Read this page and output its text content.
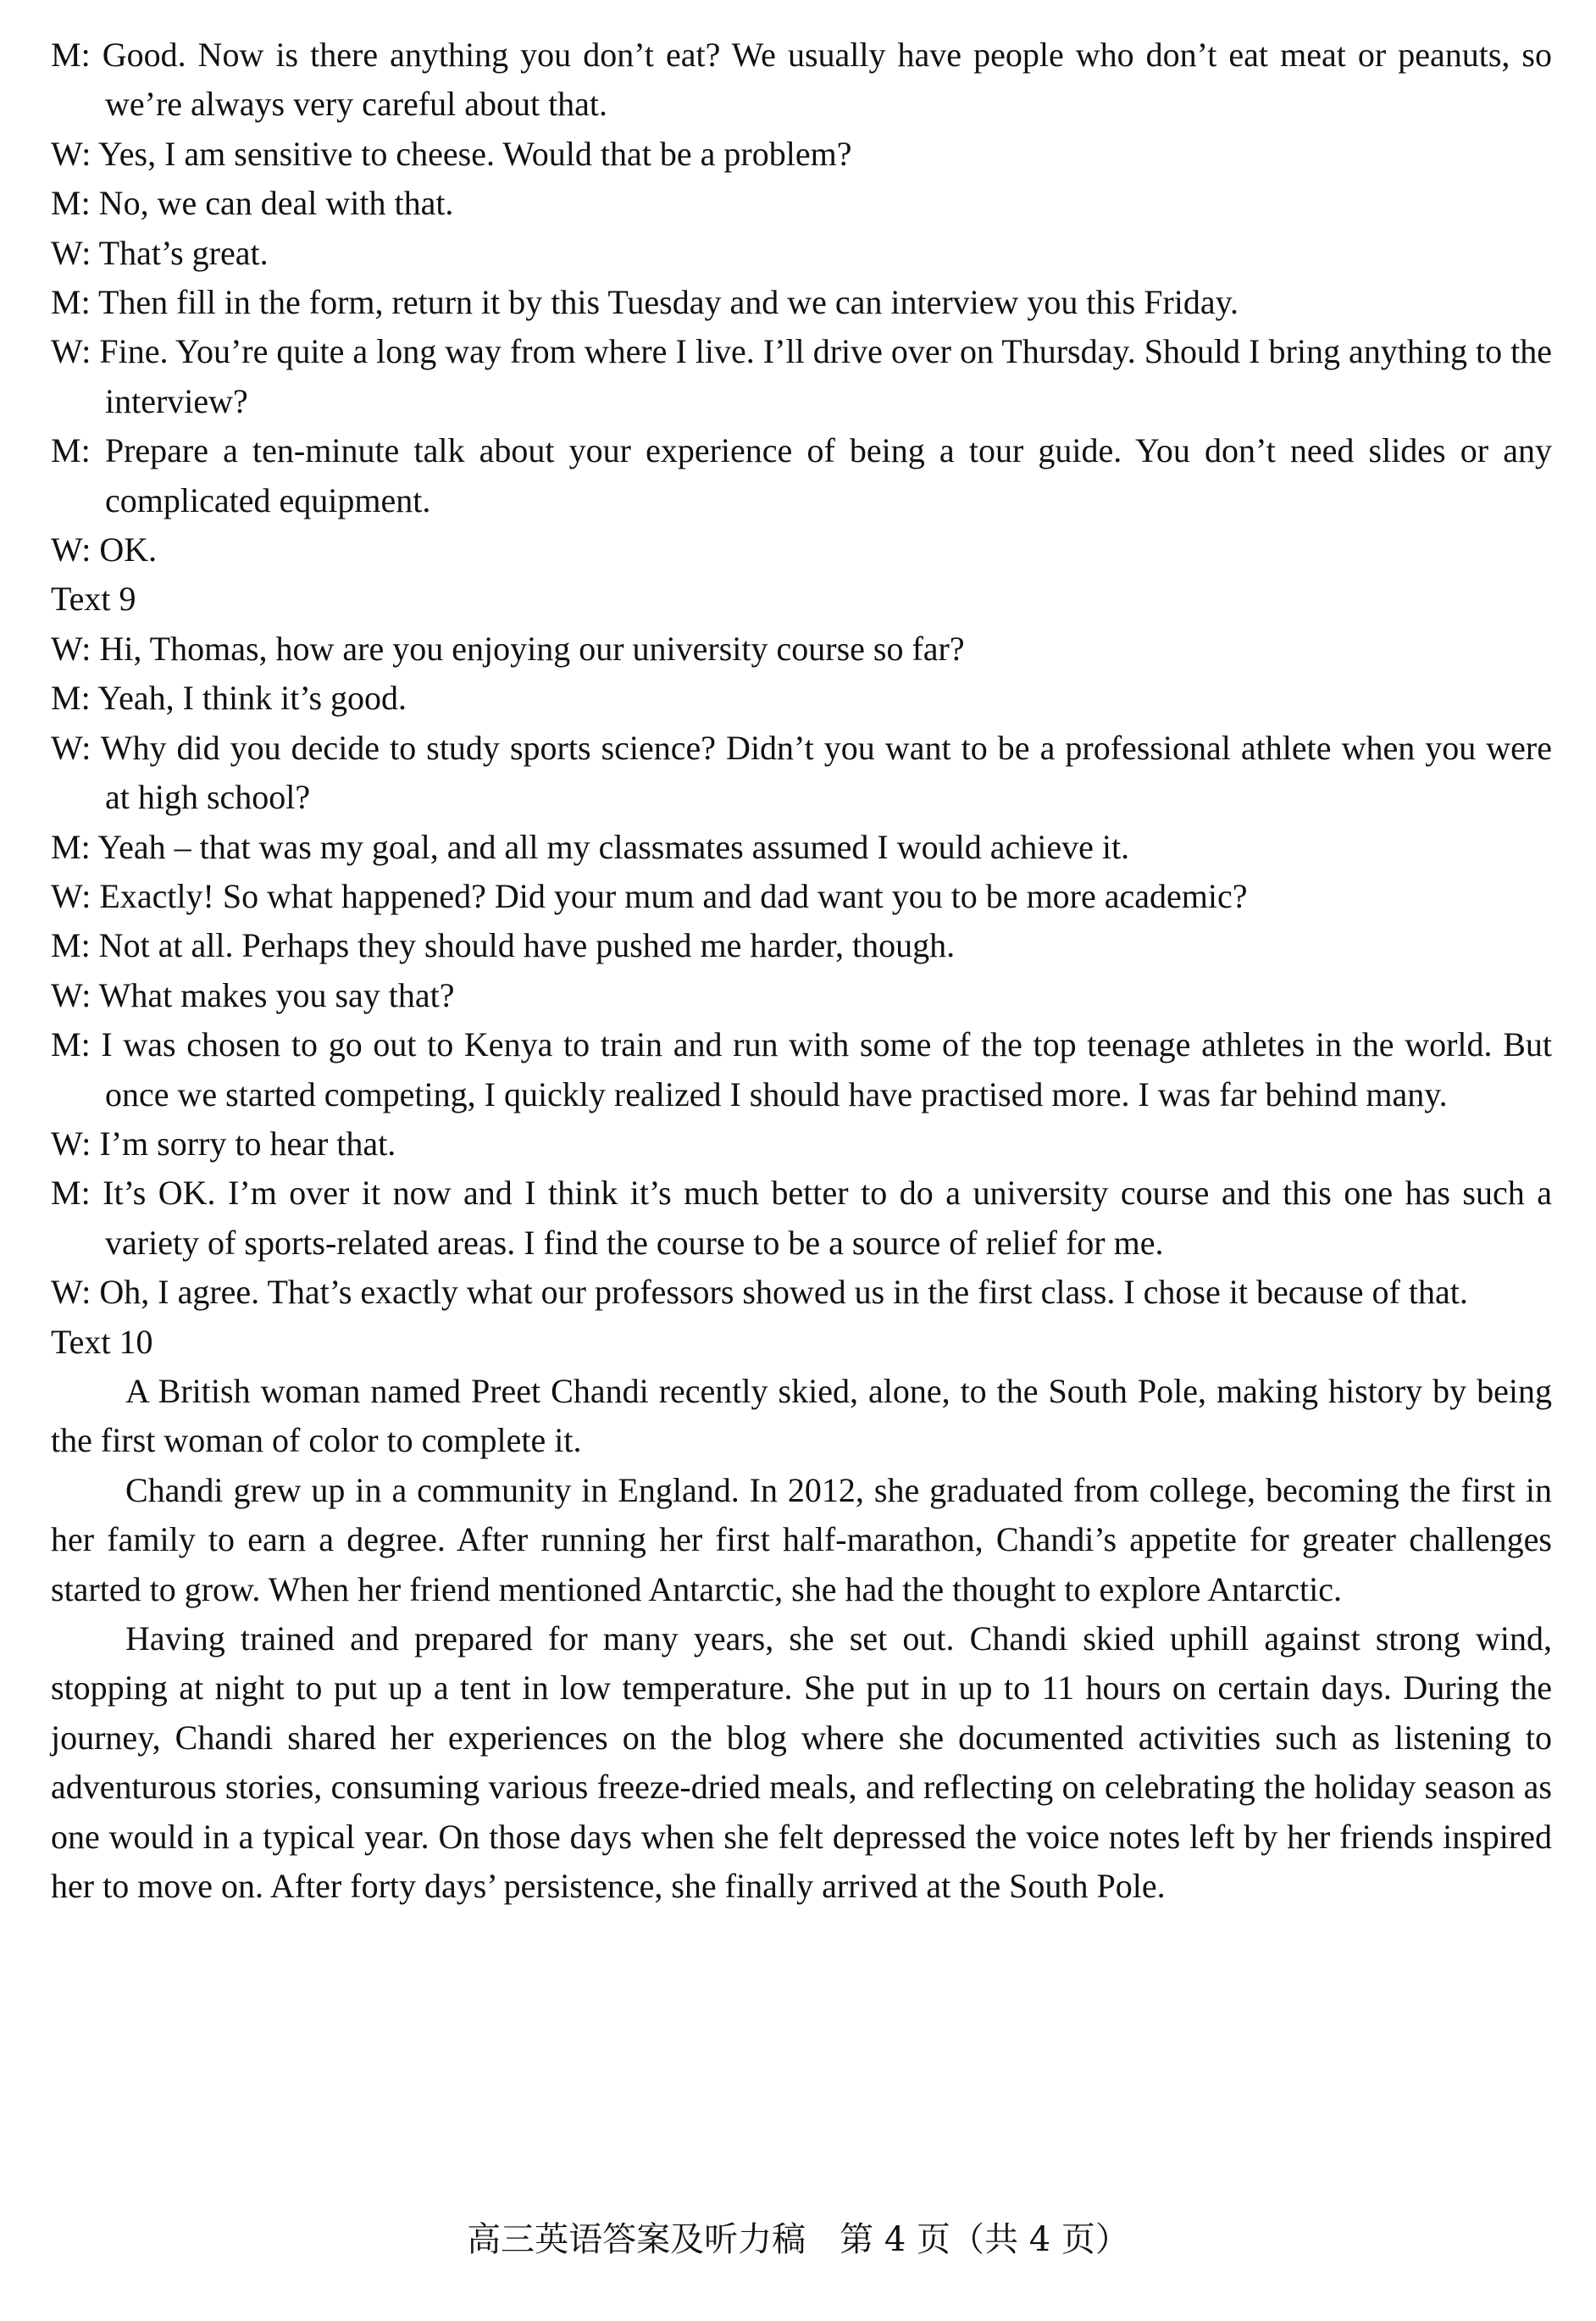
M: Good. Now is there anything you don’t eat? We usually have people who don’t eat meat or peanuts, so we’re always very careful about that.
W: Yes, I am sensitive to cheese. Would that be a problem?
M: No, we can deal with that.
W: That’s great.
M: Then fill in the form, return it by this Tuesday and we can interview you this Friday.
W: Fine. You’re quite a long way from where I live. I’ll drive over on Thursday. Should I bring anything to the interview?
M: Prepare a ten-minute talk about your experience of being a tour guide. You don’t need slides or any complicated equipment.
W: OK.
Text 9
W: Hi, Thomas, how are you enjoying our university course so far?
M: Yeah, I think it’s good.
W: Why did you decide to study sports science? Didn’t you want to be a professional athlete when you were at high school?
M: Yeah – that was my goal, and all my classmates assumed I would achieve it.
W: Exactly! So what happened? Did your mum and dad want you to be more academic?
M: Not at all. Perhaps they should have pushed me harder, though.
W: What makes you say that?
M: I was chosen to go out to Kenya to train and run with some of the top teenage athletes in the world. But once we started competing, I quickly realized I should have practised more. I was far behind many.
W: I’m sorry to hear that.
M: It’s OK. I’m over it now and I think it’s much better to do a university course and this one has such a variety of sports-related areas. I find the course to be a source of relief for me.
W: Oh, I agree. That’s exactly what our professors showed us in the first class. I chose it because of that.
Text 10
A British woman named Preet Chandi recently skied, alone, to the South Pole, making history by being the first woman of color to complete it.
Chandi grew up in a community in England. In 2012, she graduated from college, becoming the first in her family to earn a degree. After running her first half-marathon, Chandi’s appetite for greater challenges started to grow. When her friend mentioned Antarctic, she had the thought to explore Antarctic.
Having trained and prepared for many years, she set out. Chandi skied uphill against strong wind, stopping at night to put up a tent in low temperature. She put in up to 11 hours on certain days. During the journey, Chandi shared her experiences on the blog where she documented activities such as listening to adventurous stories, consuming various freeze-dried meals, and reflecting on celebrating the holiday season as one would in a typical year. On those days when she felt depressed the voice notes left by her friends inspired her to move on. After forty days’ persistence, she finally arrived at the South Pole.
高三英语答案及听力稿　第 4 页（共 4 页）
